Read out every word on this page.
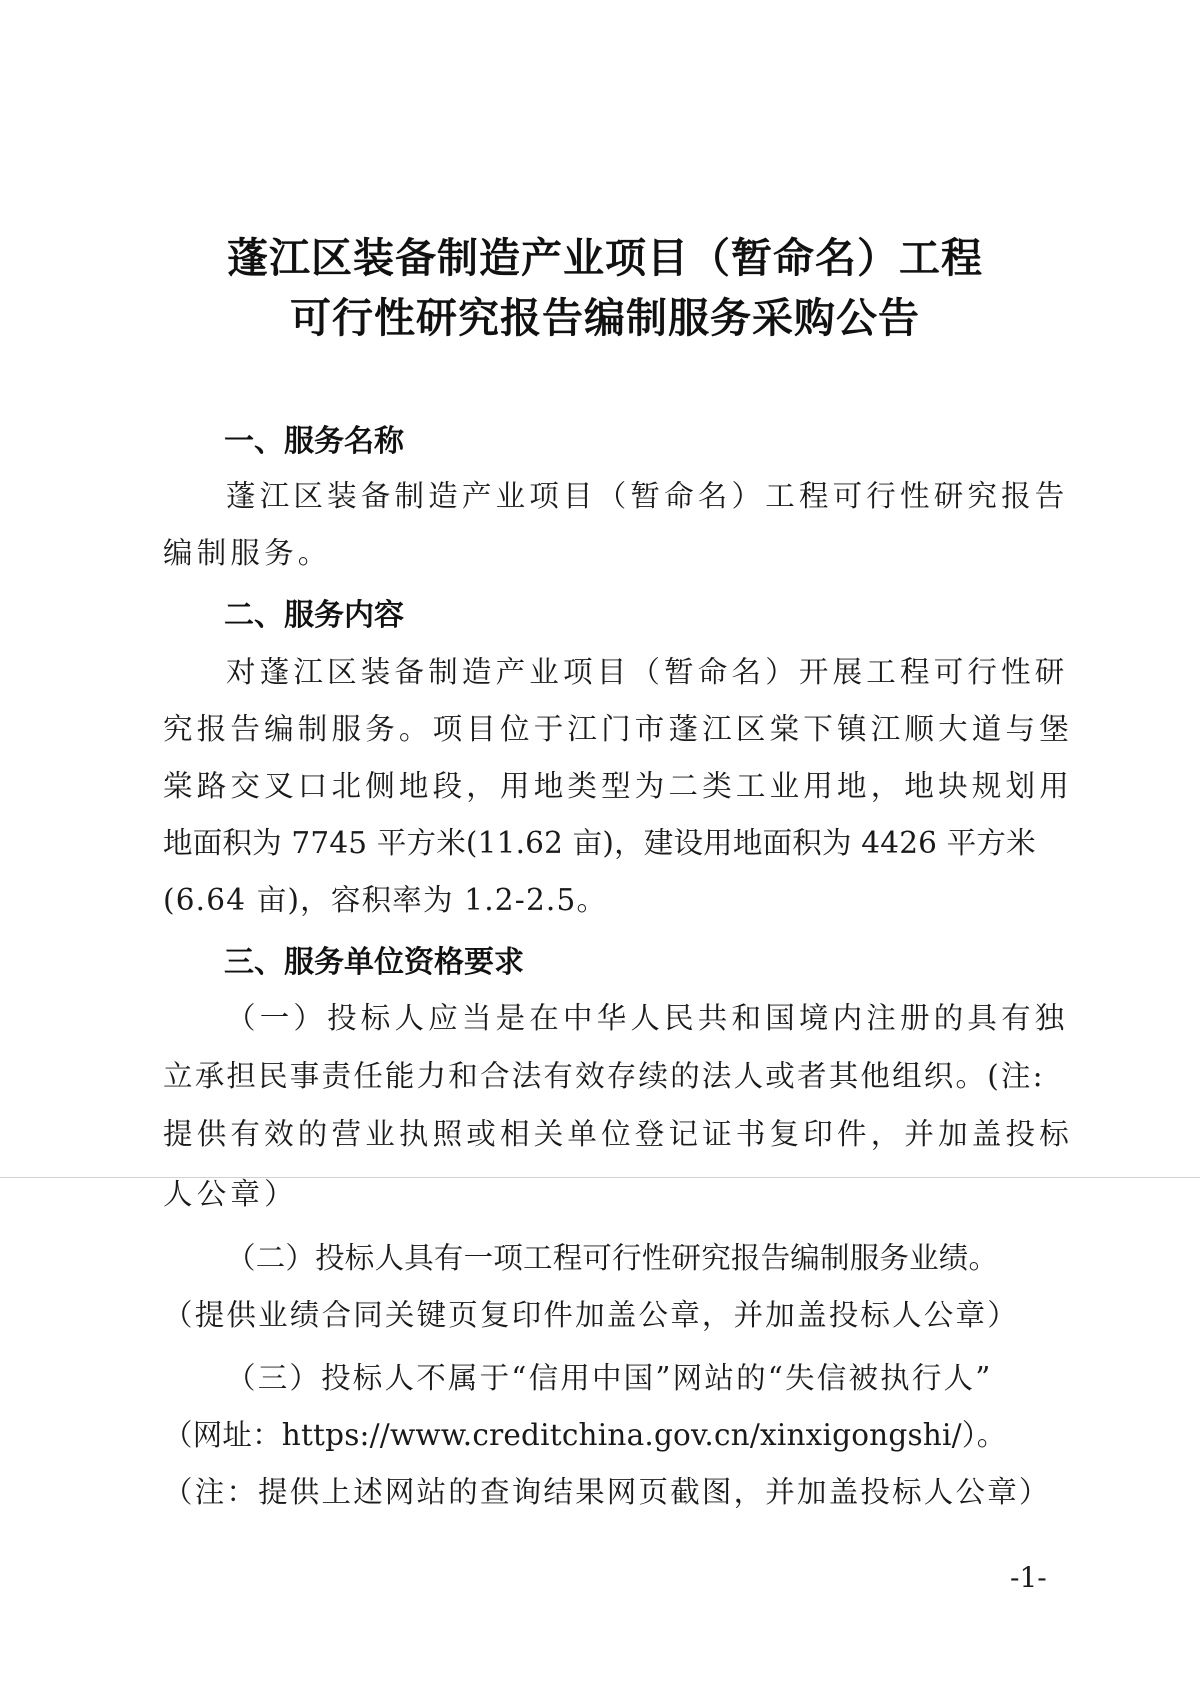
蓬江区装备制造产业项目（暂命名）工程
可行性研究报告编制服务采购公告
一、服务名称
蓬江区装备制造产业项目（暂命名）工程可行性研究报告
编制服务。
二、服务内容
对蓬江区装备制造产业项目（暂命名）开展工程可行性研
究报告编制服务。项目位于江门市蓬江区棠下镇江顺大道与堡
棠路交叉口北侧地段，用地类型为二类工业用地，地块规划用
地面积为 7745 平方米(11.62 亩)，建设用地面积为 4426 平方米
(6.64 亩)，容积率为 1.2-2.5。
三、服务单位资格要求
（一）投标人应当是在中华人民共和国境内注册的具有独
立承担民事责任能力和合法有效存续的法人或者其他组织。(注:
提供有效的营业执照或相关单位登记证书复印件，并加盖投标
人公章）
（二）投标人具有一项工程可行性研究报告编制服务业绩。
（提供业绩合同关键页复印件加盖公章，并加盖投标人公章）
（三）投标人不属于“信用中国”网站的“失信被执行人”
（网址：https://www.creditchina.gov.cn/xinxigongshi/）。
（注：提供上述网站的查询结果网页截图，并加盖投标人公章）
-1-
